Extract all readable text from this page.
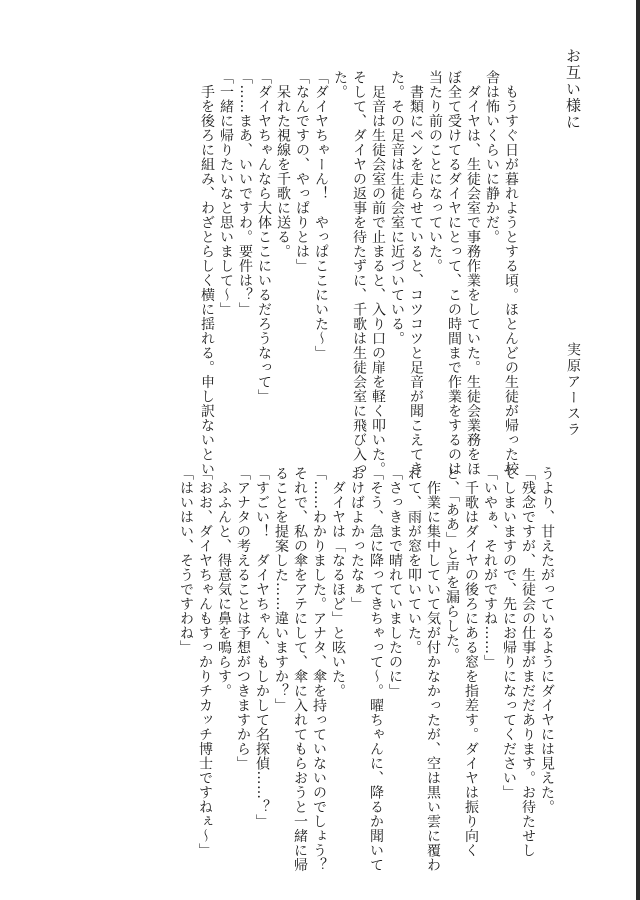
お互い様に
実原アースラ
　もうすぐ日が暮れようとする頃。ほとんどの生徒が帰った校
舎は怖いくらいに静かだ。
　ダイヤは、生徒会室で事務作業をしていた。生徒会業務をほ
ぼ全て受けてるダイヤにとって、この時間まで作業をするのは
当たり前のことになっていた。
　書類にペンを走らせていると、コツコツと足音が聞こえてき
た。その足音は生徒会室に近づいている。
　足音は生徒会室の前で止まると、入り口の扉を軽く叩いた。
そして、ダイヤの返事を待たずに、千歌は生徒会室に飛び入っ
た。
「ダイヤちゃーん！　やっぱここにいた～」
「なんですの、やっぱりとは」
　呆れた視線を千歌に送る。
「ダイヤちゃんなら大体ここにいるだろうなって」
「……まあ、いいですわ。要件は？」
「一緒に帰りたいなと思いまして～」
　手を後ろに組み、わざとらしく横に揺れる。申し訳ないとい
うより、甘えたがっているようにダイヤには見えた。
「残念ですが、生徒会の仕事がまだだあります。お待たせし
てしまいますので、先にお帰りになってください」
「いやぁ、それがですね……」
　千歌はダイヤの後ろにある窓を指差す。ダイヤは振り向く
と、「ああ」と声を漏らした。
　作業に集中していて気が付かなかったが、空は黒い雲に覆わ
れて、雨が窓を叩いていた。
「さっきまで晴れていましたのに」
「そう、急に降ってきちゃって～。曜ちゃんに、降るか聞いて
おけばよかったなぁ」
　ダイヤは「なるほど」と呟いた。
「……わかりました。アナタ、傘を持っていないのでしょう？
それで、私の傘をアテにして、傘に入れてもらおうと一緒に帰
ることを提案した……違いますか？」
「すごい！　ダイヤちゃん、もしかして名探偵……？」
「アナタの考えることは予想がつきますから」
　ふふんと、得意気に鼻を鳴らす。
「おお、ダイヤちゃんもすっかりチカッチ博士ですねぇ～」
「はいはい、そうですわね」
